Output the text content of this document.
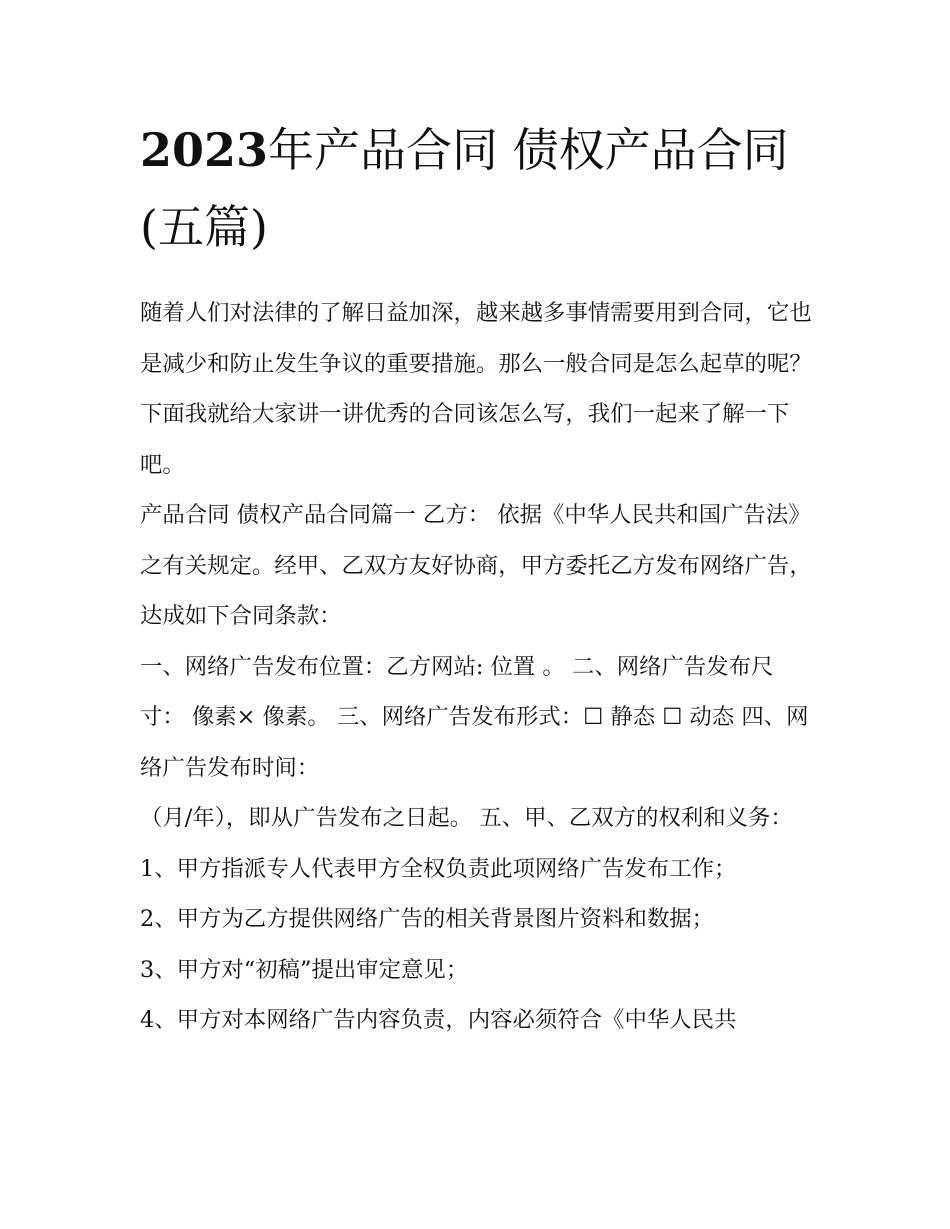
2023年产品合同 债权产品合同(五篇)

随着人们对法律的了解日益加深，越来越多事情需要用到合同，它也是减少和防止发生争议的重要措施。那么一般合同是怎么起草的呢？下面我就给大家讲一讲优秀的合同该怎么写，我们一起来了解一下吧。

产品合同 债权产品合同篇一 乙方： 依据《中华人民共和国广告法》之有关规定。经甲、乙双方友好协商，甲方委托乙方发布网络广告，达成如下合同条款：

一、网络广告发布位置：乙方网站: 位置 。 二、网络广告发布尺寸： 像素× 像素。 三、网络广告发布形式：☐ 静态 ☐ 动态 四、网络广告发布时间：

（月/年），即从广告发布之日起。 五、甲、乙双方的权利和义务： 1、甲方指派专人代表甲方全权负责此项网络广告发布工作；

2、甲方为乙方提供网络广告的相关背景图片资料和数据；

3、甲方对“初稿”提出审定意见；

4、甲方对本网络广告内容负责，内容必须符合《中华人民共
